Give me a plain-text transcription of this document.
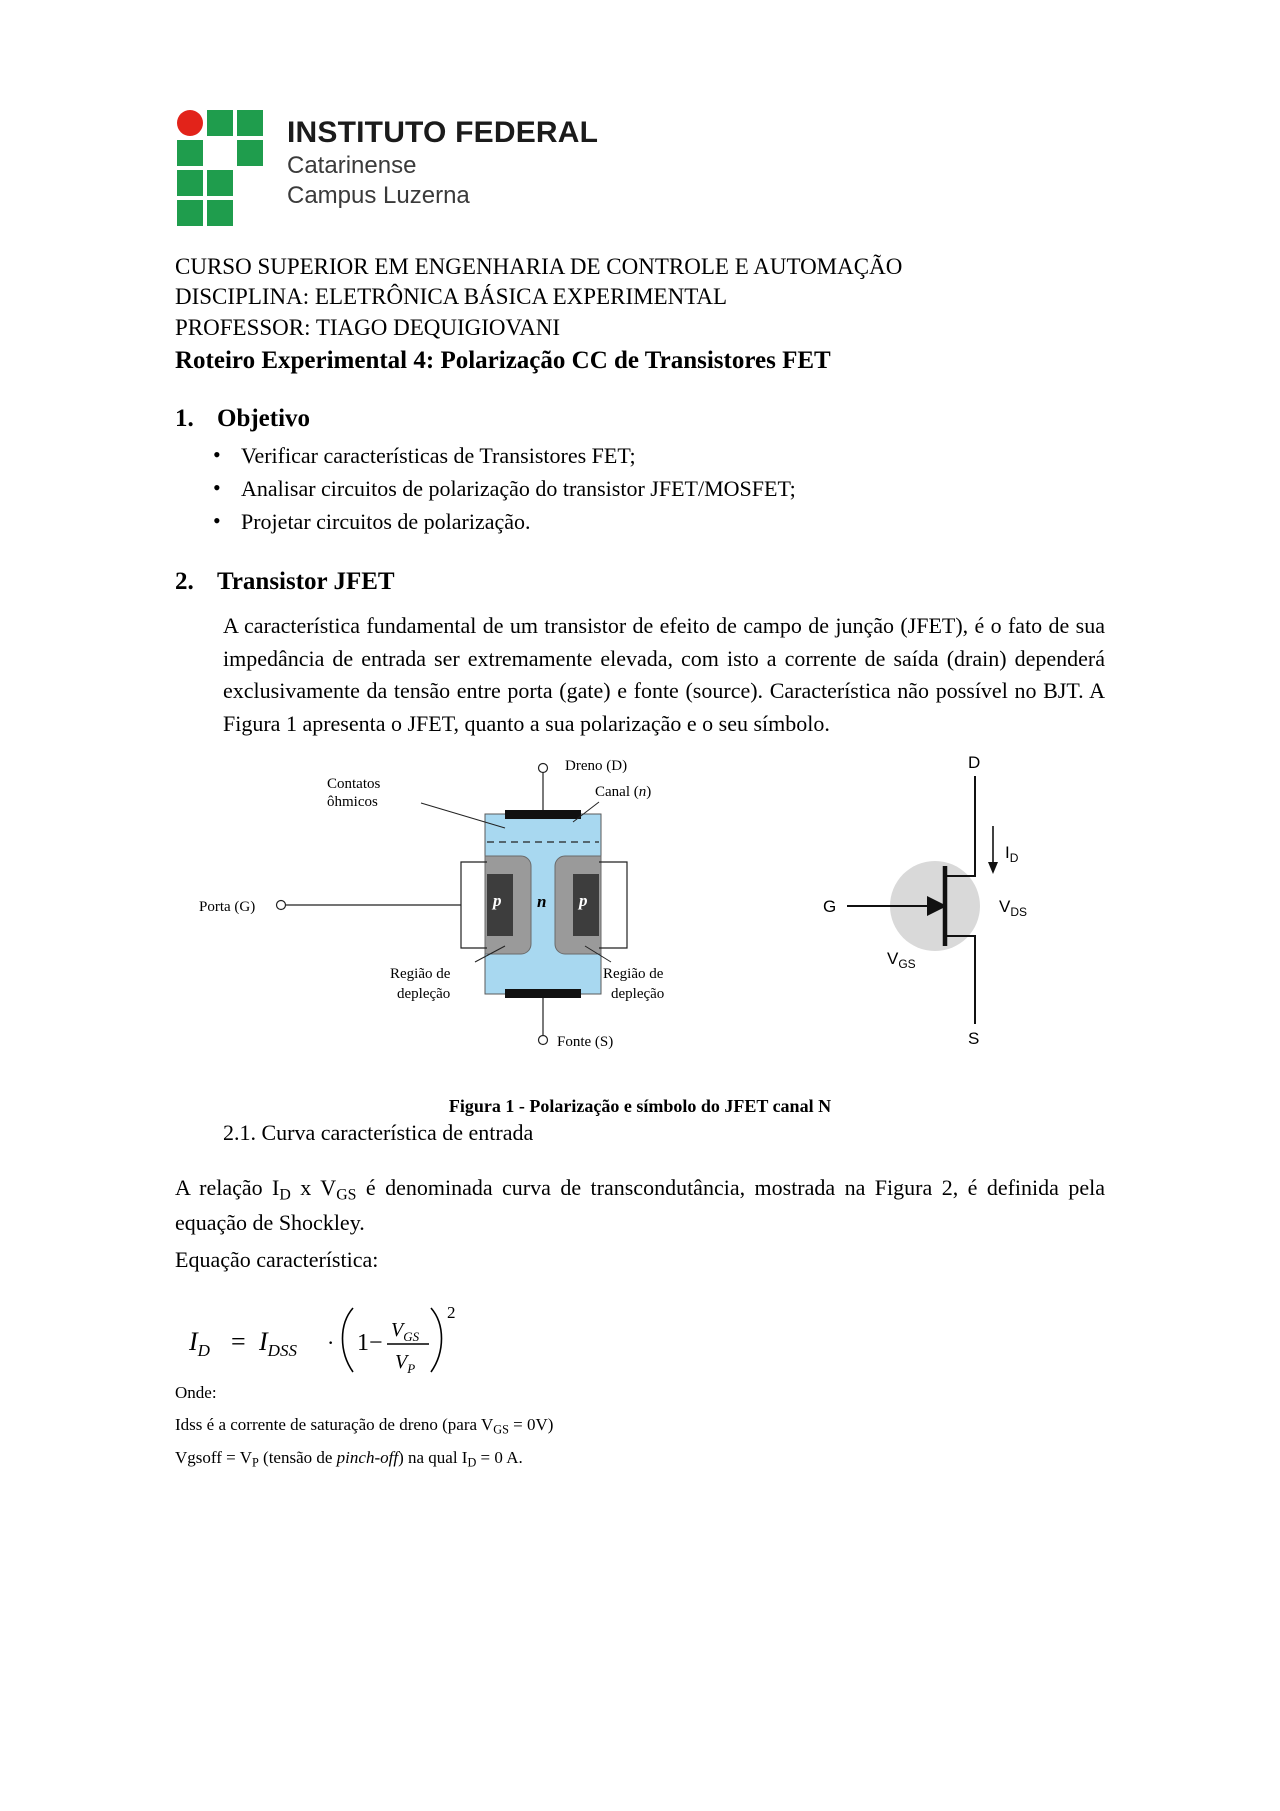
INSTITUTO FEDERAL
Catarinense
Campus Luzerna
CURSO SUPERIOR EM ENGENHARIA DE CONTROLE E AUTOMAÇÃO
DISCIPLINA: ELETRÔNICA BÁSICA EXPERIMENTAL
PROFESSOR: TIAGO DEQUIGIOVANI
Roteiro Experimental 4: Polarização CC de Transistores FET
1. Objetivo
• Verificar características de Transistores FET;
• Analisar circuitos de polarização do transistor JFET/MOSFET;
• Projetar circuitos de polarização.
2. Transistor JFET

A característica fundamental de um transistor de efeito de campo de junção (JFET), é o fato de sua impedância de entrada ser extremamente elevada, com isto a corrente de saída (drain) dependerá exclusivamente da tensão entre porta (gate) e fonte (source). Característica não possível no BJT. A Figura 1 apresenta o JFET, quanto a sua polarização e o seu símbolo.

Contatos
ôhmicos
Dreno (D)
Canal (n)
Porta (G)	p n p
Região de
depleção
Região de
depleção
Fonte (S)
D
S
G
$I_D$
$V_{DS}$
$V_{GS}$
Figura 1 - Polarização e símbolo do JFET canal N
2.1. Curva característica de entrada

A relação $I_D$ x $V_{GS}$ é denominada curva de transcondutância, mostrada na Figura 2, é definida pela equação de Shockley.

Equação característica:

$I_D = I_{DSS} \cdot 1- V_{GS}$
$V_P$
2
Onde:
Idss é a corrente de saturação de dreno (para $V_{GS} = 0V$)
Vgsoff = $V_P$ (tensão de pinch-off) na qual $I_D = 0$ A.
